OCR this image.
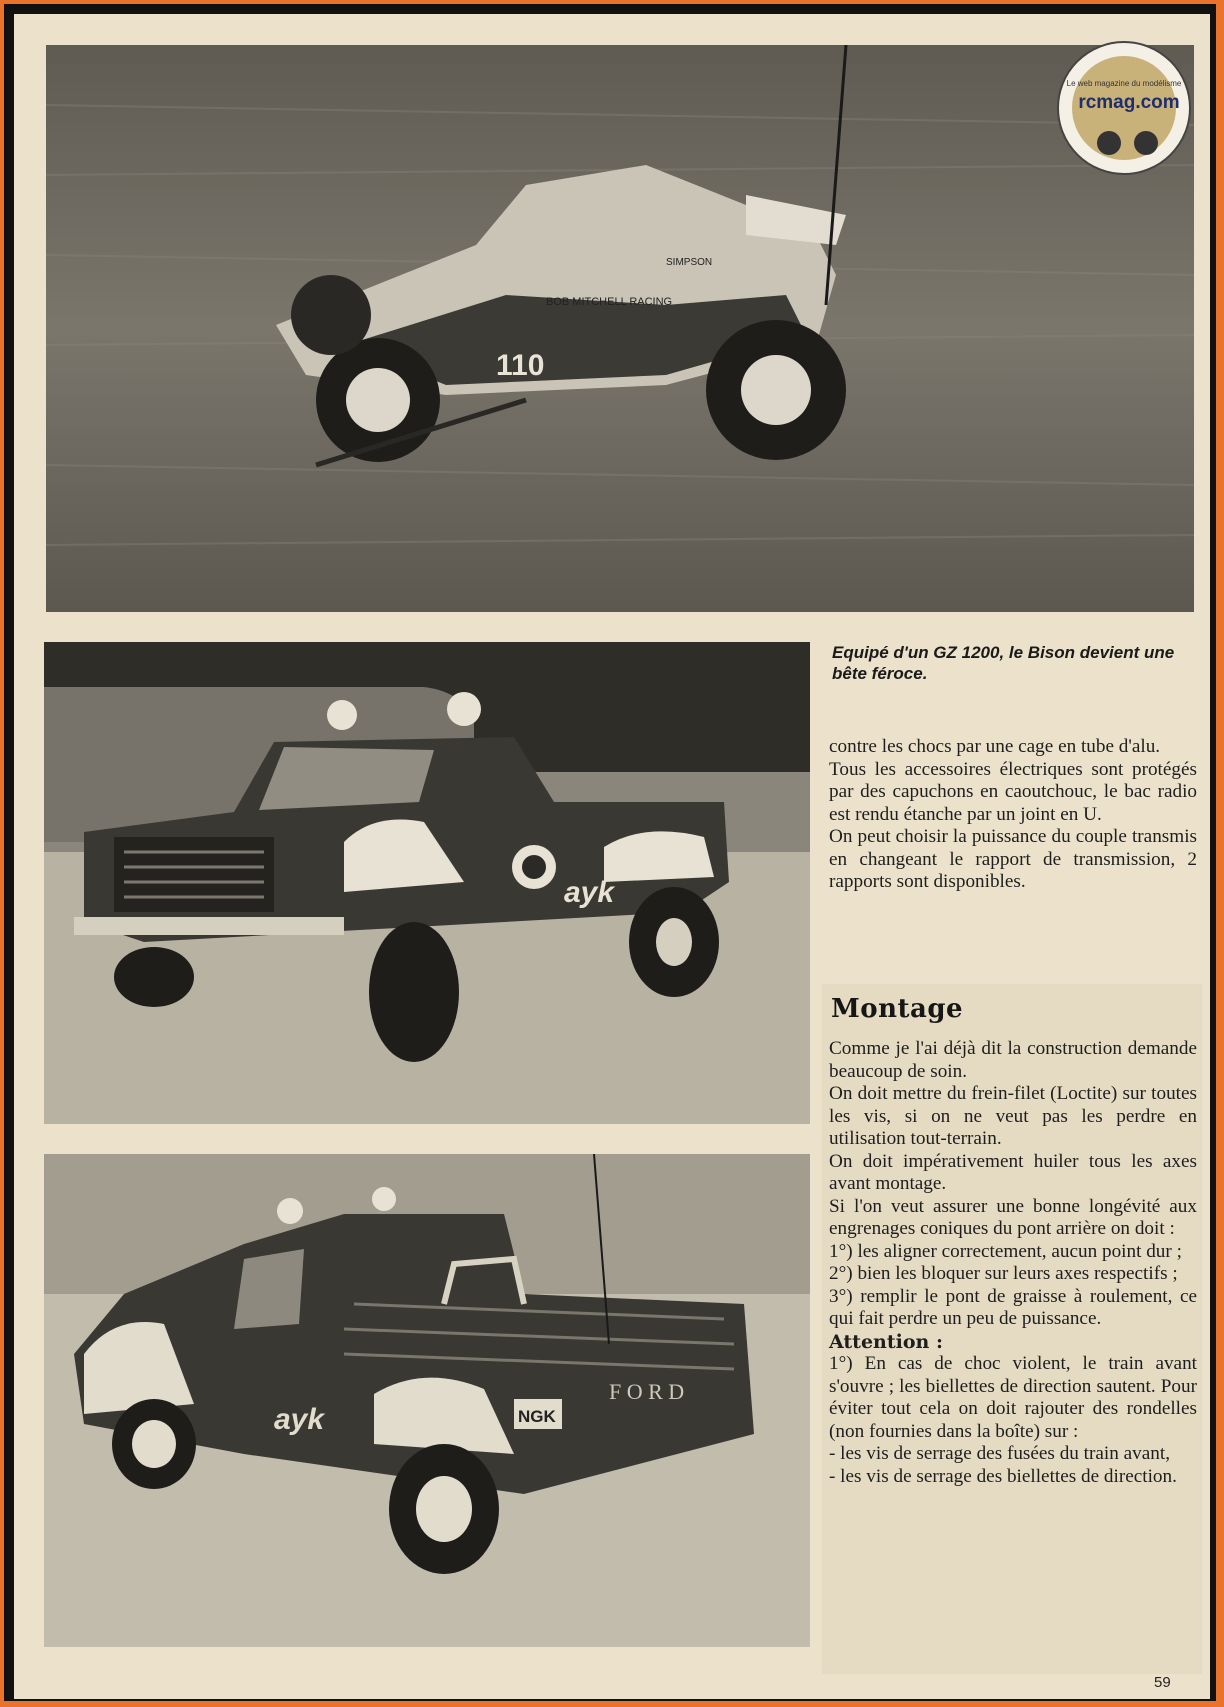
110
BOB MITCHELL RACING
SIMPSON
ayk
ayk	NGK
F O R D
Le web magazine du modélisme
rcmag.com
Equipé d'un GZ 1200, le Bison devient une bête féroce.

contre les chocs par une cage en tube d'alu.

Tous les accessoires électriques sont protégés par des capuchons en caoutchouc, le bac radio est rendu étanche par un joint en U.

On peut choisir la puissance du couple transmis en changeant le rapport de transmission, 2 rapports sont disponibles.

Montage

Comme je l'ai déjà dit la construction demande beaucoup de soin.

On doit mettre du frein-filet (Loctite) sur toutes les vis, si on ne veut pas les perdre en utilisation tout-terrain.

On doit impérativement huiler tous les axes avant montage.

Si l'on veut assurer une bonne longévité aux engrenages coniques du pont arrière on doit :

1°) les aligner correctement, aucun point dur ;

2°) bien les bloquer sur leurs axes respectifs ;

3°) remplir le pont de graisse à roulement, ce qui fait perdre un peu de puissance.

Attention :

1°) En cas de choc violent, le train avant s'ouvre ; les biellettes de direction sautent. Pour éviter tout cela on doit rajouter des rondelles (non fournies dans la boîte) sur :

- les vis de serrage des fusées du train avant,

- les vis de serrage des biellettes de direction.

59
